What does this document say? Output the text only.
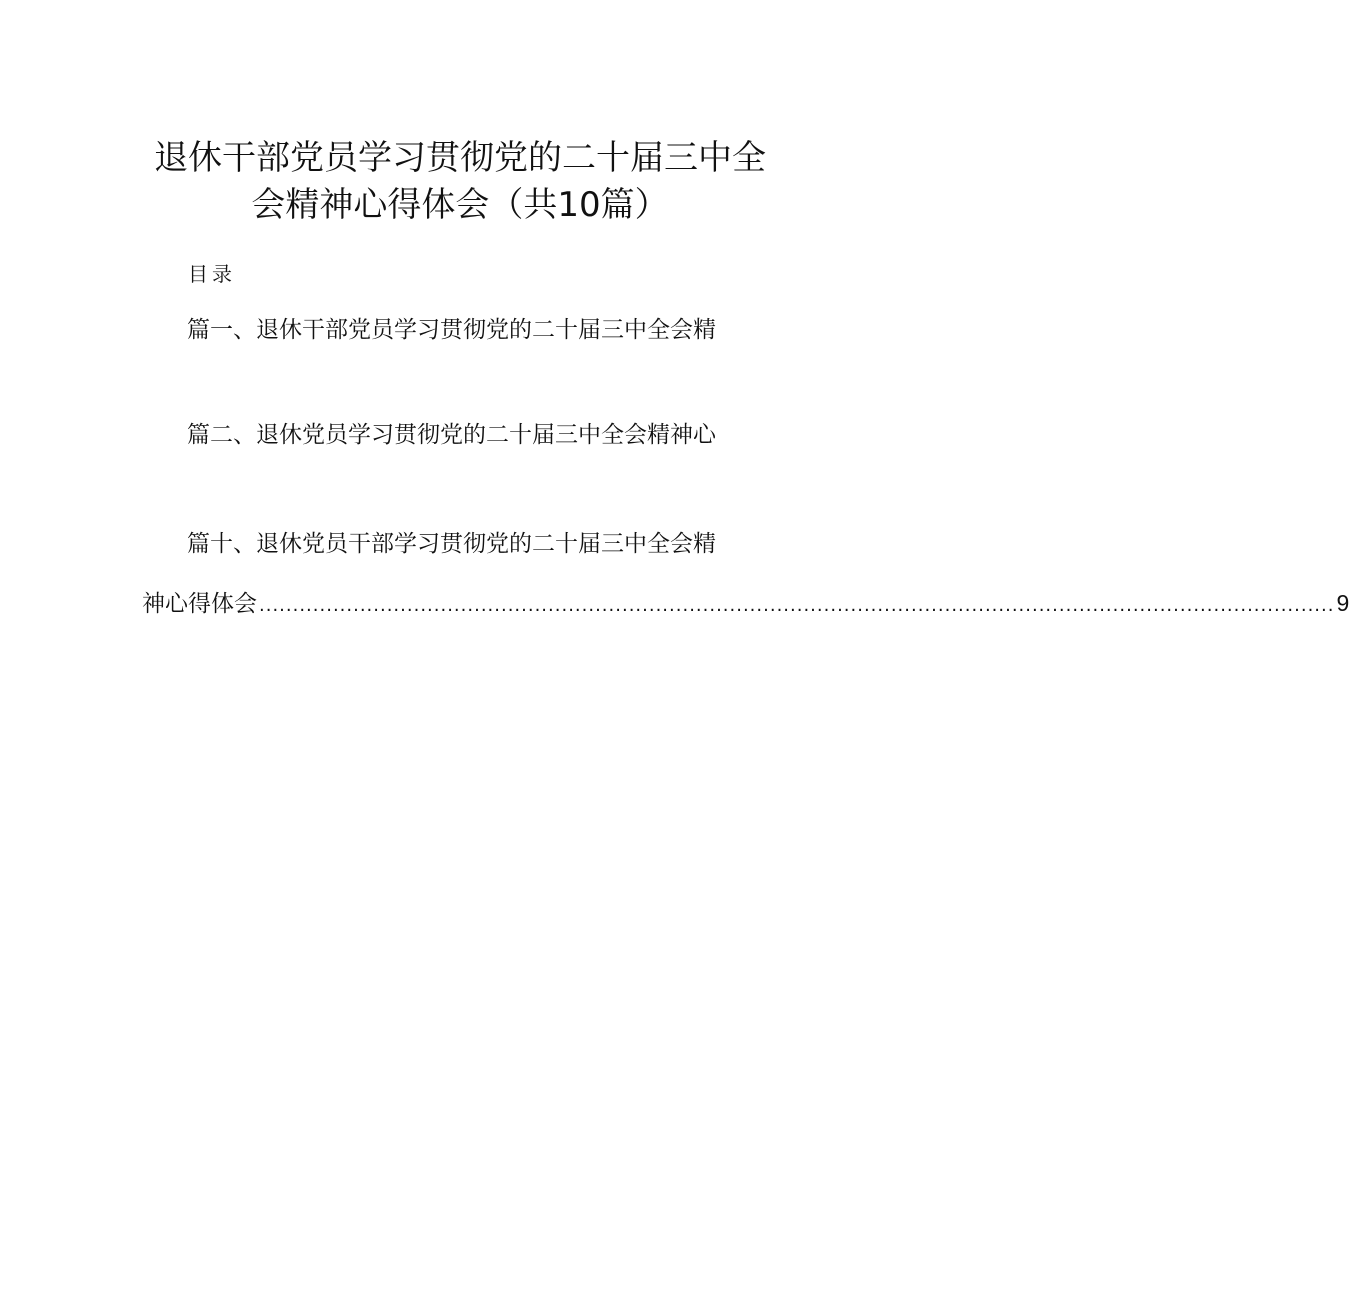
退休干部党员学习贯彻党的二十届三中全
会精神心得体会（共10篇）
目录
篇一、退休干部党员学习贯彻党的二十届三中全会精
篇二、退休党员学习贯彻党的二十届三中全会精神心
篇十、退休党员干部学习贯彻党的二十届三中全会精
神心得体会 ................................................................................................................................................................ 9
